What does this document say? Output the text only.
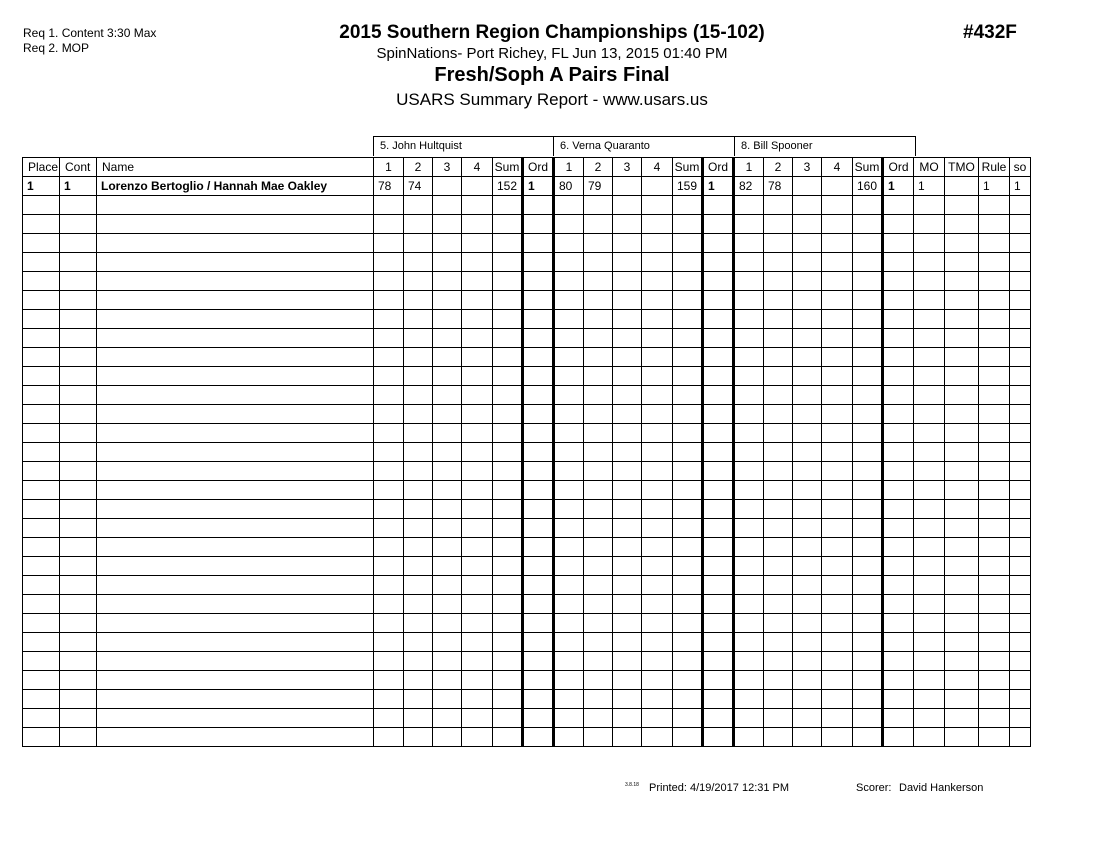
Req 1. Content 3:30 Max
Req 2. MOP
2015 Southern Region Championships (15-102)
SpinNations- Port Richey, FL Jun 13, 2015 01:40 PM
Fresh/Soph A Pairs Final
USARS Summary Report - www.usars.us
#432F
5. John Hultquist	6. Verna Quaranto	8. Bill Spooner
Place	Cont	Name	1	2	3	4	Sum	Ord	1	2	3	4	Sum	Ord	1	2	3	4	Sum	Ord	MO	TMO	Rule	so
1	1	Lorenzo Bertoglio / Hannah Mae Oakley	78	74			152	1	80	79			159	1	82	78			160	1	1		1	1

3.8.18 Printed: 4/19/2017 12:31 PM	Scorer: David Hankerson
